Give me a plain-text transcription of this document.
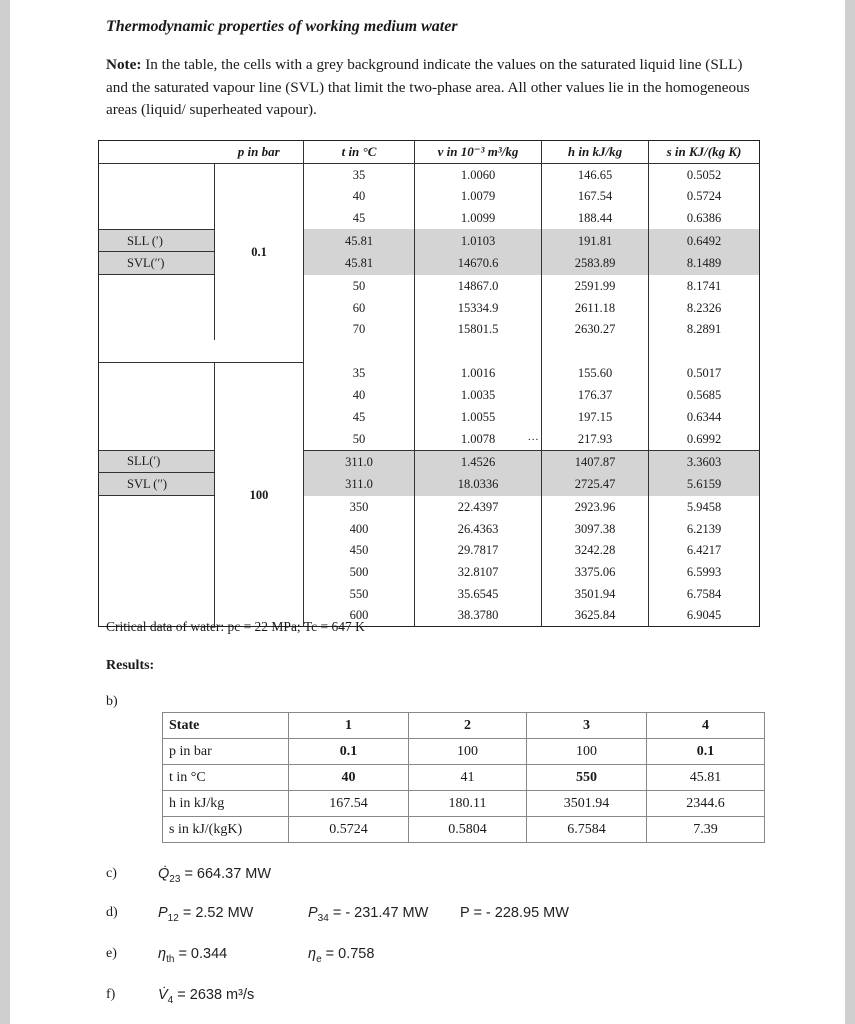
Thermodynamic properties of working medium water
Note: In the table, the cells with a grey background indicate the values on the saturated liquid line (SLL) and the saturated vapour line (SVL) that limit the two-phase area. All other values lie in the homogeneous areas (liquid/ superheated vapour).
	p in bar	t in °C	v in 10⁻³ m³/kg	h in kJ/kg	s in KJ/(kg K)
	0.1	35	1.0060	146.65	0.5052
		40	1.0079	167.54	0.5724
		45	1.0099	188.44	0.6386
SLL (′)		45.81	1.0103	191.81	0.6492
SVL(′′)		45.81	14670.6	2583.89	8.1489
		50	14867.0	2591.99	8.1741
		60	15334.9	2611.18	8.2326
		70	15801.5	2630.27	8.2891

	100	35	1.0016	155.60	0.5017
		40	1.0035	176.37	0.5685
		45	1.0055	197.15	0.6344
		50	1.0078	217.93	0.6992
SLL(′)		311.0	1.4526	1407.87	3.3603
SVL (′′)		311.0	18.0336	2725.47	5.6159
		350	22.4397	2923.96	5.9458
		400	26.4363	3097.38	6.2139
		450	29.7817	3242.28	6.4217
		500	32.8107	3375.06	6.5993
		550	35.6545	3501.94	6.7584
		600	38.3780	3625.84	6.9045
...
Critical data of water: pc = 22 MPa; Tc = 647 K
Results:
b)
State	1	2	3	4
p in bar	0.1	100	100	0.1
t in °C	40	41	550	45.81
h in kJ/kg	167.54	180.11	3501.94	2344.6
s in kJ/(kgK)	0.5724	0.5804	6.7584	7.39
c)	$Q̇_{23} = 664.37$ MW
d)	$P_{12} = 2.52$ MW	$P_{34}$ = - 231.47 MW P = - 228.95 MW
e)	$\eta_{th} = 0.344$	$\eta_e = 0.758$
f)	$V̇_4 = 2638$ m³/s
